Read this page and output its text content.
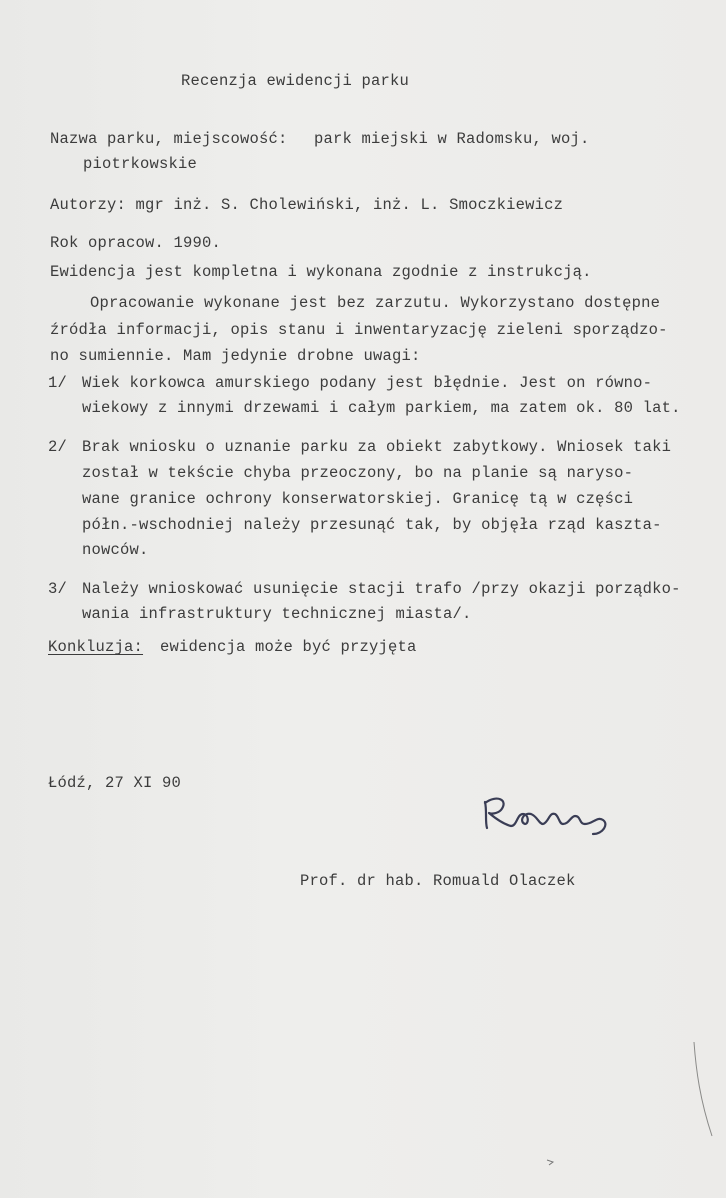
Recenzja ewidencji parku
Nazwa parku, miejscowość: park miejski w Radomsku, woj.
piotrkowskie
Autorzy: mgr inż. S. Cholewiński, inż. L. Smoczkiewicz
Rok opracow. 1990.
Ewidencja jest kompletna i wykonana zgodnie z instrukcją.
Opracowanie wykonane jest bez zarzutu. Wykorzystano dostępne
źródła informacji, opis stanu i inwentaryzację zieleni sporządzo-
no sumiennie. Mam jedynie drobne uwagi:
1/ Wiek korkowca amurskiego podany jest błędnie. Jest on równo-
wiekowy z innymi drzewami i całym parkiem, ma zatem ok. 80 lat.
2/ Brak wniosku o uznanie parku za obiekt zabytkowy. Wniosek taki
został w tekście chyba przeoczony, bo na planie są naryso-
wane granice ochrony konserwatorskiej. Granicę tą w części
półn.-wschodniej należy przesunąć tak, by objęła rząd kaszta-
nowców.
3/ Należy wnioskować usunięcie stacji trafo /przy okazji porządko-
wania infrastruktury technicznej miasta/.
Konkluzja: ewidencja może być przyjęta
Łódź, 27 XI 90
Prof. dr hab. Romuald Olaczek
